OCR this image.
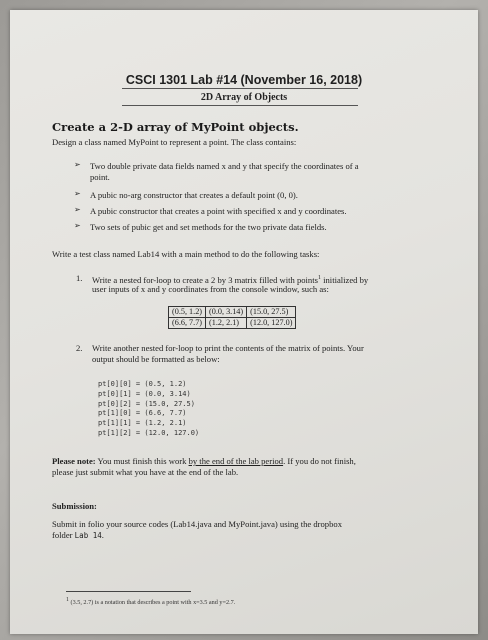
CSCI 1301 Lab #14 (November 16, 2018)
2D Array of Objects
Create a 2-D array of MyPoint objects.
Design a class named MyPoint to represent a point. The class contains:
➢ Two double private data fields named x and y that specify the coordinates of a
point.
➢ A pubic no-arg constructor that creates a default point (0, 0).
➢ A pubic constructor that creates a point with specified x and y coordinates.
➢ Two sets of pubic get and set methods for the two private data fields.
Write a test class named Lab14 with a main method to do the following tasks:
1. Write a nested for-loop to create a 2 by 3 matrix filled with points$^1$ initialized by
user inputs of x and y coordinates from the console window, such as:
(0.5, 1.2)	(0.0, 3.14)	(15.0, 27.5)
(6.6, 7.7)	(1.2, 2.1)	(12.0, 127.0)
2. Write another nested for-loop to print the contents of the matrix of points. Your
output should be formatted as below:
pt[0][0] = (0.5, 1.2)
pt[0][1] = (0.0, 3.14)
pt[0][2] = (15.0, 27.5)
pt[1][0] = (6.6, 7.7)
pt[1][1] = (1.2, 2.1)
pt[1][2] = (12.0, 127.0)
Please note: You must finish this work by the end of the lab period. If you do not finish,
please just submit what you have at the end of the lab.
Submission:
Submit in folio your source codes (Lab14.java and MyPoint.java) using the dropbox
folder Lab 14.
$^1$ (3.5, 2.7) is a notation that describes a point with x=3.5 and y=2.7.
